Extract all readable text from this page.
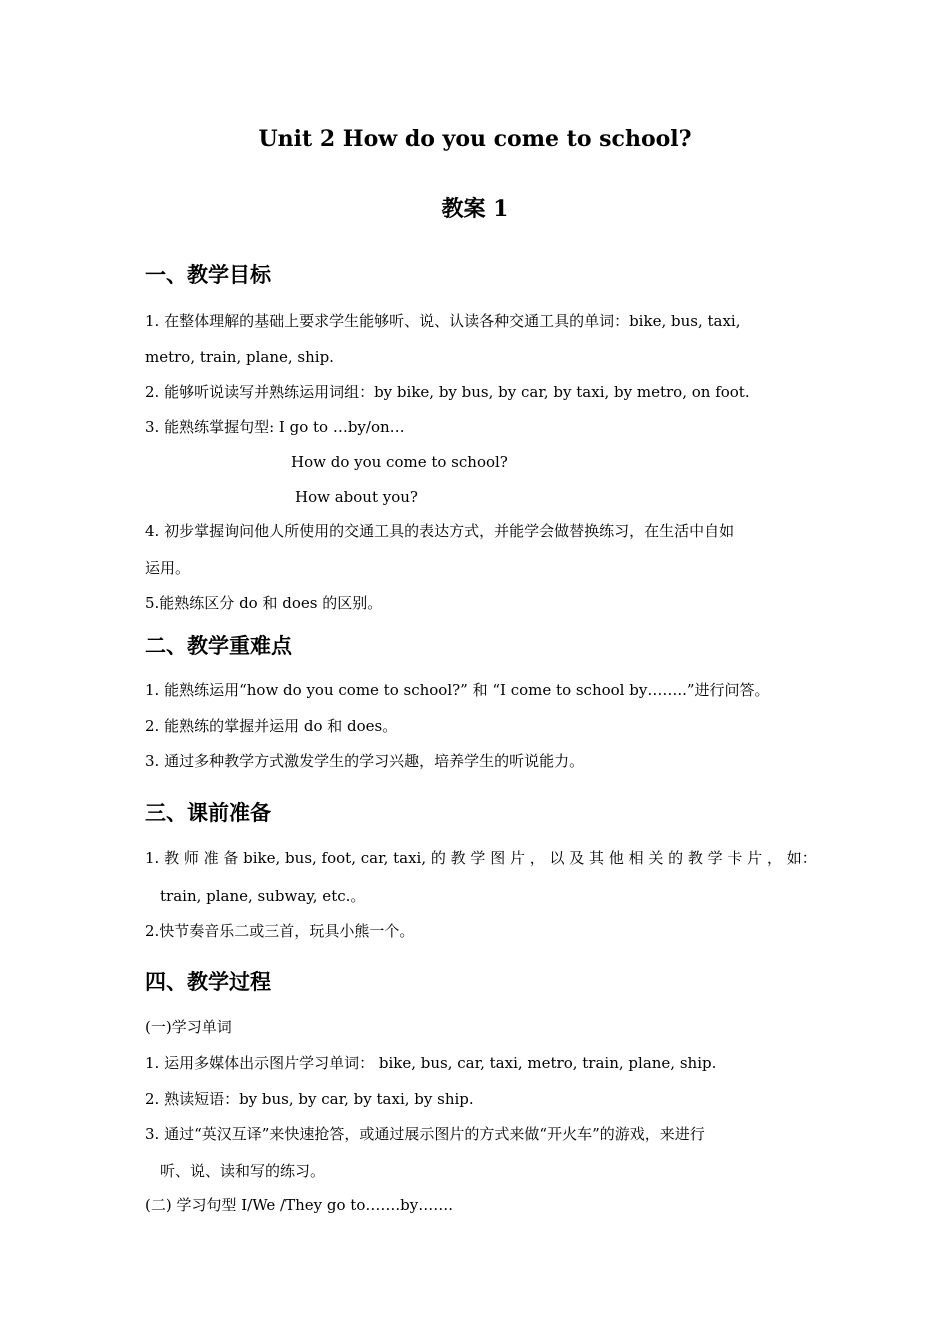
Unit 2 How do you come to school?
教案 1
一、教学目标
1. 在整体理解的基础上要求学生能够听、说、认读各种交通工具的单词：bike, bus, taxi,
metro, train, plane, ship.
2. 能够听说读写并熟练运用词组：by bike, by bus, by car, by taxi, by metro, on foot.
3. 能熟练掌握句型: I go to …by/on…
How do you come to school?
How about you?
4. 初步掌握询问他人所使用的交通工具的表达方式，并能学会做替换练习，在生活中自如
运用。
5.能熟练区分 do 和 does 的区别。
二、教学重难点
1. 能熟练运用“how do you come to school?” 和 “I come to school by……..”进行问答。
2. 能熟练的掌握并运用 do 和 does。
3. 通过多种教学方式激发学生的学习兴趣，培养学生的听说能力。
三、课前准备
1. 教 师 准 备 bike, bus, foot, car, taxi, 的 教 学 图 片 ， 以 及 其 他 相 关 的 教 学 卡 片 ， 如：
train, plane, subway, etc.。
2.快节奏音乐二或三首，玩具小熊一个。
四、教学过程
(一)学习单词
1. 运用多媒体出示图片学习单词： bike, bus, car, taxi, metro, train, plane, ship.
2. 熟读短语：by bus, by car, by taxi, by ship.
3. 通过“英汉互译”来快速抢答，或通过展示图片的方式来做“开火车”的游戏，来进行
听、说、读和写的练习。
(二) 学习句型 I/We /They go to…….by…….
